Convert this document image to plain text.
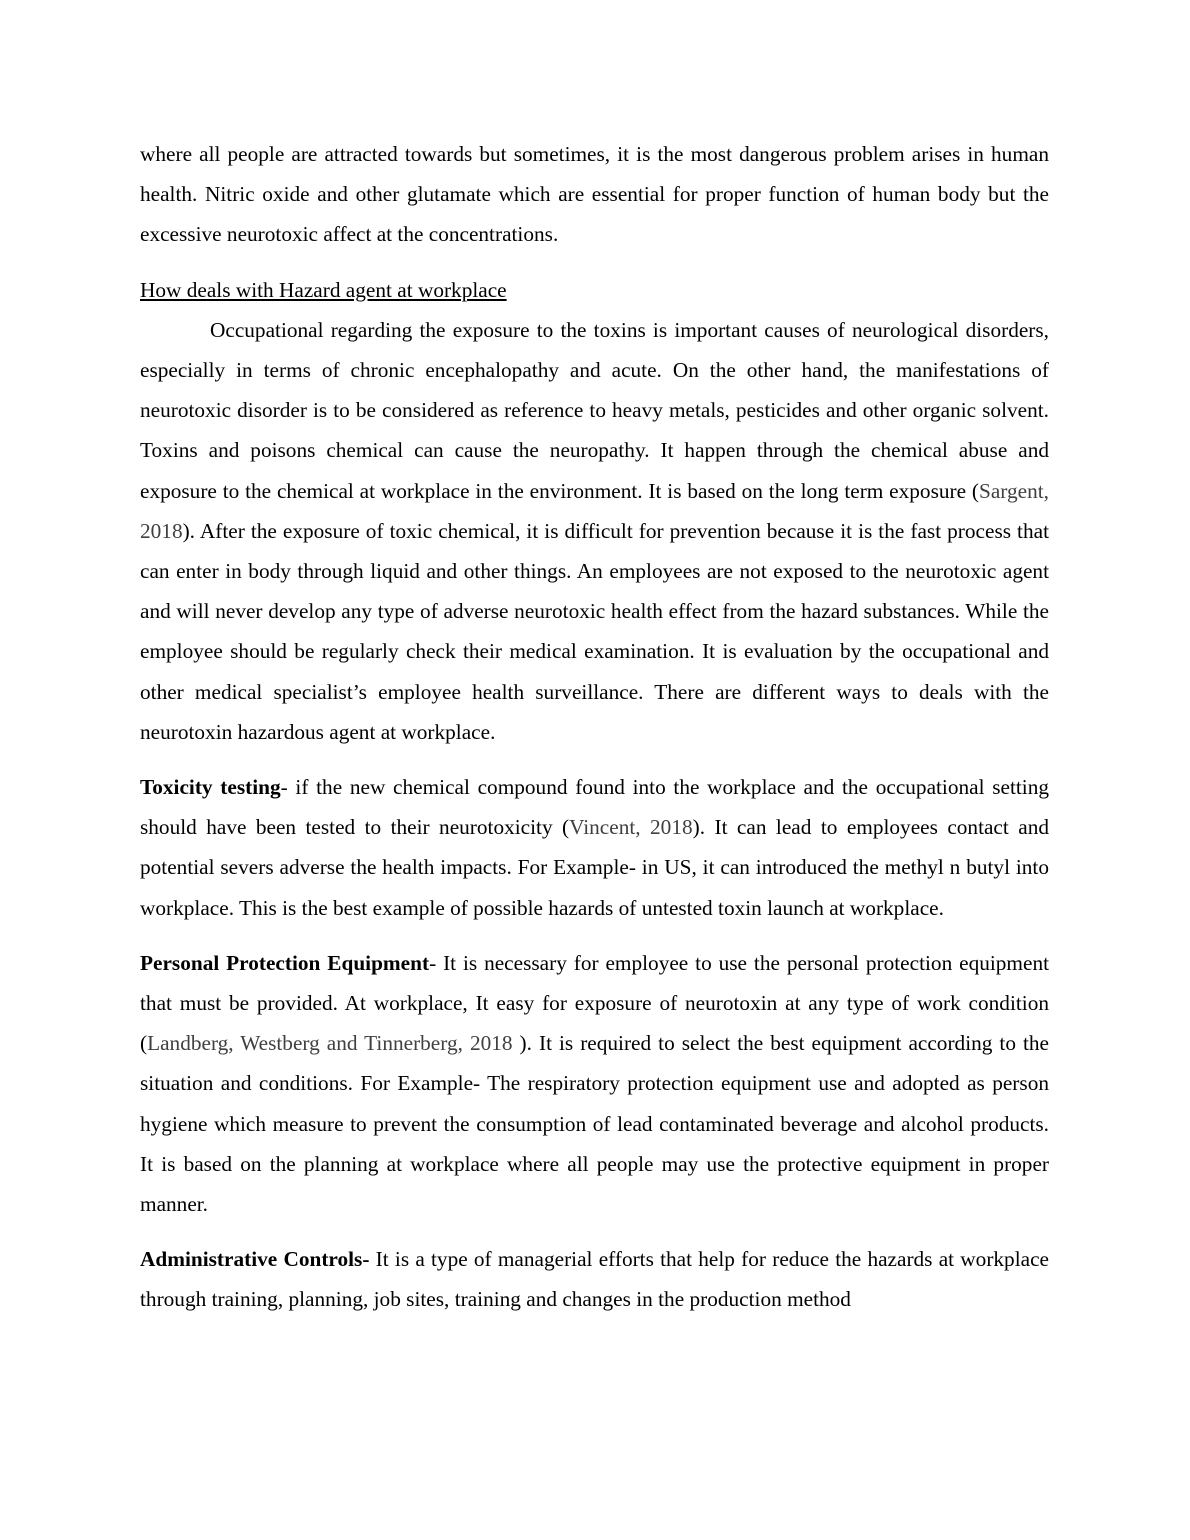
where all people are attracted towards but sometimes, it is the most dangerous problem arises in human health. Nitric oxide and other glutamate which are essential for proper function of human body but the excessive neurotoxic affect at the concentrations.

How deals with Hazard agent at workplace

Occupational regarding the exposure to the toxins is important causes of neurological disorders, especially in terms of chronic encephalopathy and acute. On the other hand, the manifestations of neurotoxic disorder is to be considered as reference to heavy metals, pesticides and other organic solvent. Toxins and poisons chemical can cause the neuropathy. It happen through the chemical abuse and exposure to the chemical at workplace in the environment. It is based on the long term exposure (Sargent, 2018). After the exposure of toxic chemical, it is difficult for prevention because it is the fast process that can enter in body through liquid and other things. An employees are not exposed to the neurotoxic agent and will never develop any type of adverse neurotoxic health effect from the hazard substances. While the employee should be regularly check their medical examination. It is evaluation by the occupational and other medical specialist’s employee health surveillance. There are different ways to deals with the neurotoxin hazardous agent at workplace.

Toxicity testing- if the new chemical compound found into the workplace and the occupational setting should have been tested to their neurotoxicity (Vincent, 2018). It can lead to employees contact and potential severs adverse the health impacts. For Example- in US, it can introduced the methyl n butyl into workplace. This is the best example of possible hazards of untested toxin launch at workplace.

Personal Protection Equipment- It is necessary for employee to use the personal protection equipment that must be provided. At workplace, It easy for exposure of neurotoxin at any type of work condition (Landberg, Westberg and Tinnerberg, 2018 ). It is required to select the best equipment according to the situation and conditions. For Example- The respiratory protection equipment use and adopted as person hygiene which measure to prevent the consumption of lead contaminated beverage and alcohol products. It is based on the planning at workplace where all people may use the protective equipment in proper manner.

Administrative Controls- It is a type of managerial efforts that help for reduce the hazards at workplace through training, planning, job sites, training and changes in the production method
